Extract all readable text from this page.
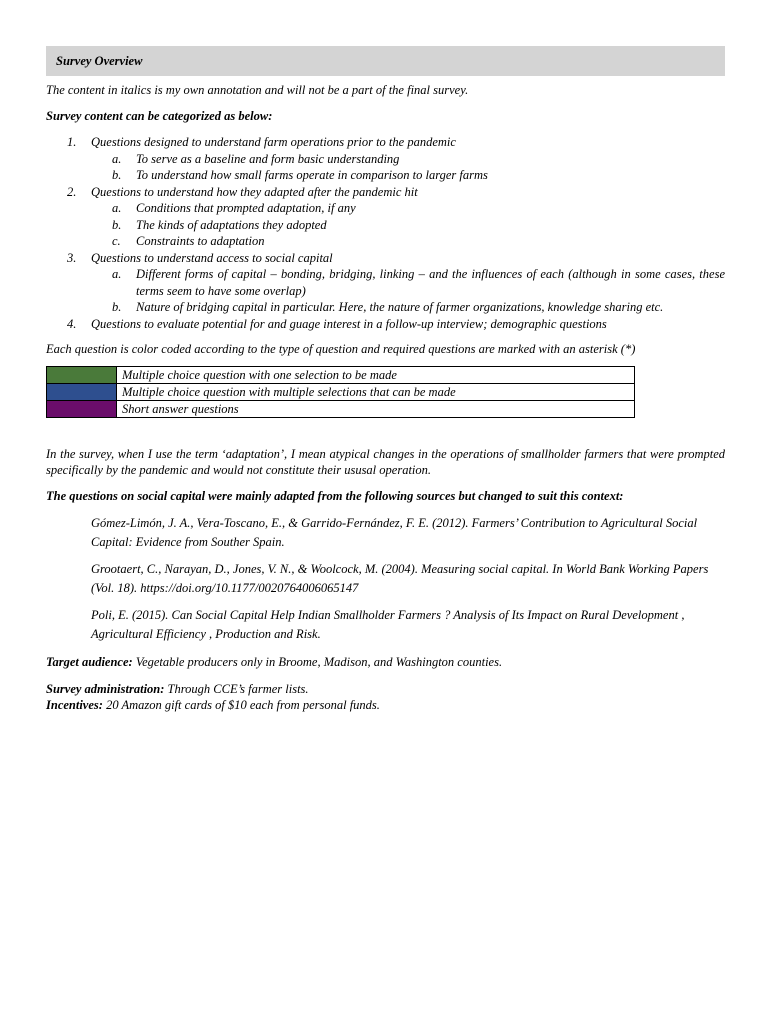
Survey Overview

The content in italics is my own annotation and will not be a part of the final survey.

Survey content can be categorized as below:

1. Questions designed to understand farm operations prior to the pandemic
a. To serve as a baseline and form basic understanding
b. To understand how small farms operate in comparison to larger farms
2. Questions to understand how they adapted after the pandemic hit
a. Conditions that prompted adaptation, if any
b. The kinds of adaptations they adopted
c. Constraints to adaptation
3. Questions to understand access to social capital
a. Different forms of capital – bonding, bridging, linking – and the influences of each (although in some cases, these terms seem to have some overlap)
b. Nature of bridging capital in particular. Here, the nature of farmer organizations, knowledge sharing etc.
4. Questions to evaluate potential for and guage interest in a follow-up interview; demographic questions

Each question is color coded according to the type of question and required questions are marked with an asterisk (*)

	Multiple choice question with one selection to be made
	Multiple choice question with multiple selections that can be made
	Short answer questions

In the survey, when I use the term ‘adaptation’, I mean atypical changes in the operations of smallholder farmers that were prompted specifically by the pandemic and would not constitute their ususal operation.

The questions on social capital were mainly adapted from the following sources but changed to suit this context:

Gómez-Limón, J. A., Vera-Toscano, E., & Garrido-Fernández, F. E. (2012). Farmers’ Contribution to Agricultural Social Capital: Evidence from Souther Spain.

Grootaert, C., Narayan, D., Jones, V. N., & Woolcock, M. (2004). Measuring social capital. In World Bank Working Papers (Vol. 18). https://doi.org/10.1177/0020764006065147

Poli, E. (2015). Can Social Capital Help Indian Smallholder Farmers ? Analysis of Its Impact on Rural Development , Agricultural Efficiency , Production and Risk.

Target audience: Vegetable producers only in Broome, Madison, and Washington counties.

Survey administration: Through CCE’s farmer lists.

Incentives: 20 Amazon gift cards of $10 each from personal funds.
